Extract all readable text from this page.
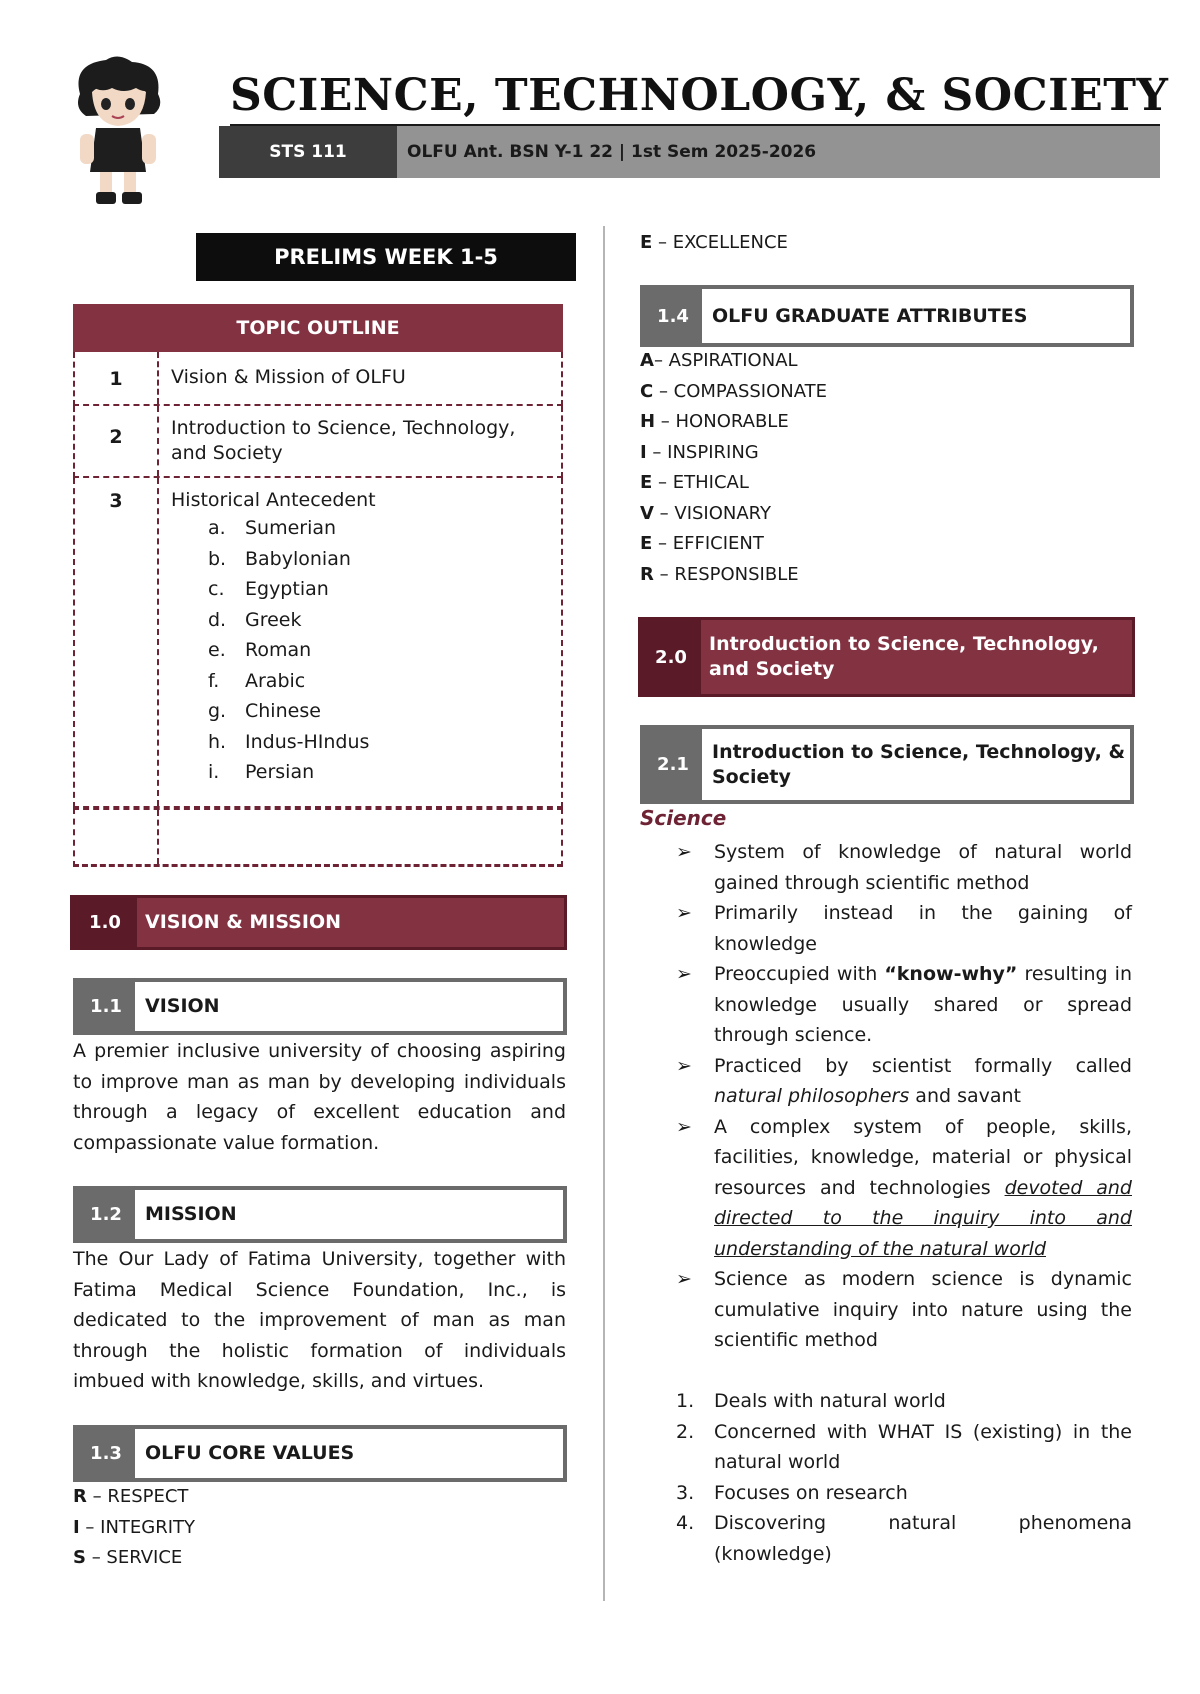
SCIENCE, TECHNOLOGY, & SOCIETY
STS 111	OLFU Ant. BSN Y-1 22 | 1st Sem 2025-2026
PRELIMS WEEK 1-5
TOPIC OUTLINE
1	Vision & Mission of OLFU
2	Introduction to Science, Technology, and Society
3	Historical Antecedent
a. Sumerian
b. Babylonian
c. Egyptian
d. Greek
e. Roman
f. Arabic
g. Chinese
h. Indus-HIndus
i. Persian
1.0	VISION & MISSION
1.1	VISION
A premier inclusive university of choosing aspiring to improve man as man by developing individuals through a legacy of excellent education and compassionate value formation.
1.2	MISSION
The Our Lady of Fatima University, together with Fatima Medical Science Foundation, Inc., is dedicated to the improvement of man as man through the holistic formation of individuals imbued with knowledge, skills, and virtues.
1.3	OLFU CORE VALUES
R – RESPECT
I – INTEGRITY
S – SERVICE
E – EXCELLENCE
1.4	OLFU GRADUATE ATTRIBUTES
A– ASPIRATIONAL
C – COMPASSIONATE
H – HONORABLE
I – INSPIRING
E – ETHICAL
V – VISIONARY
E – EFFICIENT
R – RESPONSIBLE
2.0
Introduction to Science, Technology, and Society
2.1
Introduction to Science, Technology, & Society
Science
➢ System of knowledge of natural world gained through scientific method
➢ Primarily instead in the gaining of knowledge
➢ Preoccupied with “know-why” resulting in knowledge usually shared or spread through science.
➢ Practiced by scientist formally called natural philosophers and savant
➢ A complex system of people, skills, facilities, knowledge, material or physical resources and technologies devoted and directed to the inquiry into and understanding of the natural world
➢ Science as modern science is dynamic cumulative inquiry into nature using the scientific method
1. Deals with natural world
2. Concerned with WHAT IS (existing) in the natural world
3. Focuses on research
4. Discovering natural phenomena (knowledge)
